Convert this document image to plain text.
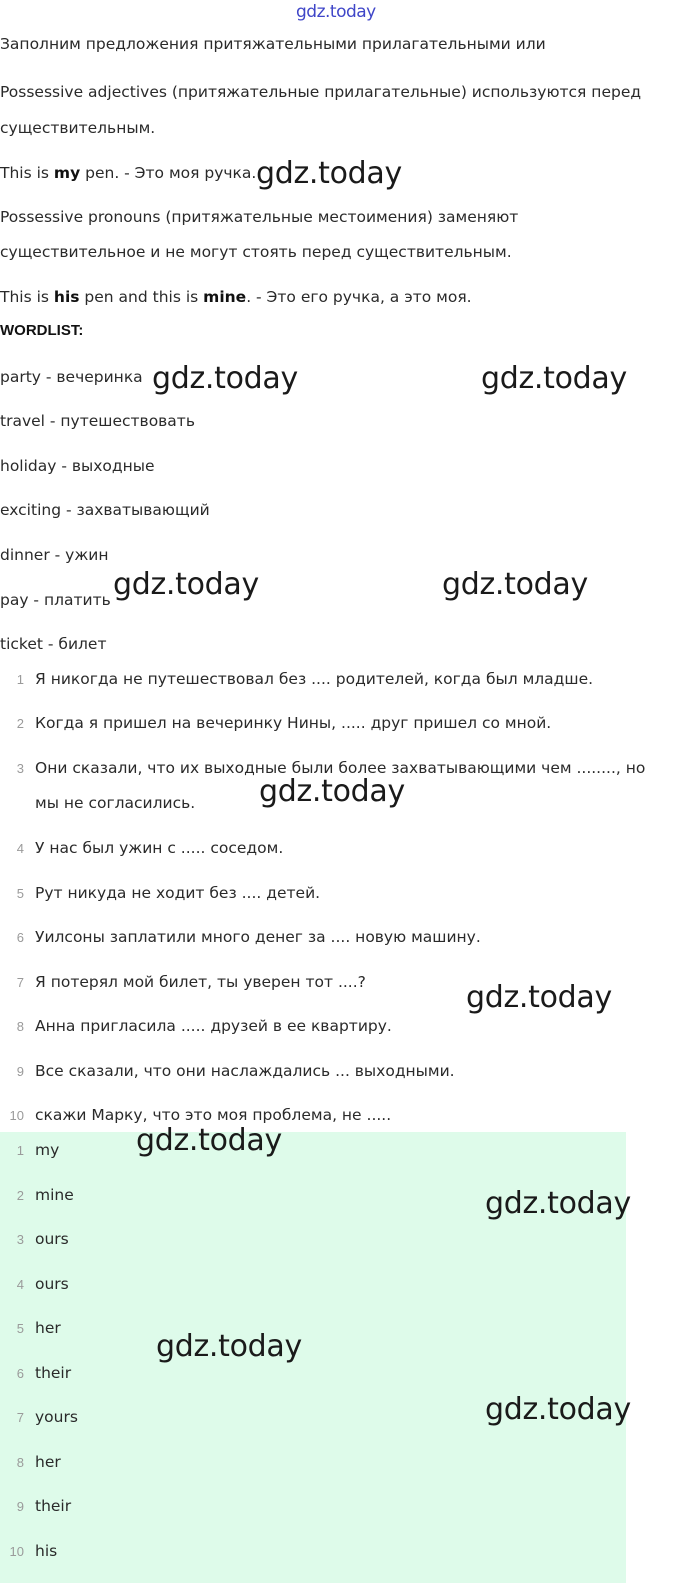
gdz.today
Заполним предложения притяжательными прилагательными или
Possessive adjectives (притяжательные прилагательные) используются перед
существительным.
This is my pen. - Это моя ручка.
Possessive pronouns (притяжательные местоимения) заменяют
существительное и не могут стоять перед существительным.
This is his pen and this is mine. - Это его ручка, а это моя.
WORDLIST:
party - вечеринка
travel - путешествовать
holiday - выходные
exciting - захватывающий
dinner - ужин
pay - платить
ticket - билет
1 Я никогда не путешествовал без .... родителей, когда был младше.
2 Когда я пришел на вечеринку Нины, ..... друг пришел со мной.
3 Они сказали, что их выходные были более захватывающими чем ........, но
мы не согласились.
4 У нас был ужин с ..... соседом.
5 Рут никуда не ходит без .... детей.
6 Уилсоны заплатили много денег за .... новую машину.
7 Я потерял мой билет, ты уверен тот ....?
8 Анна пригласила ..... друзей в ее квартиру.
9 Все сказали, что они наслаждались ... выходными.
10 скажи Марку, что это моя проблема, не .....
1 my
2 mine
3 ours
4 ours
5 her
6 their
7 yours
8 her
9 their
10 his
gdz.today
gdz.today	gdz.today
gdz.today	gdz.today
gdz.today
gdz.today
gdz.today
gdz.today
gdz.today
gdz.today
